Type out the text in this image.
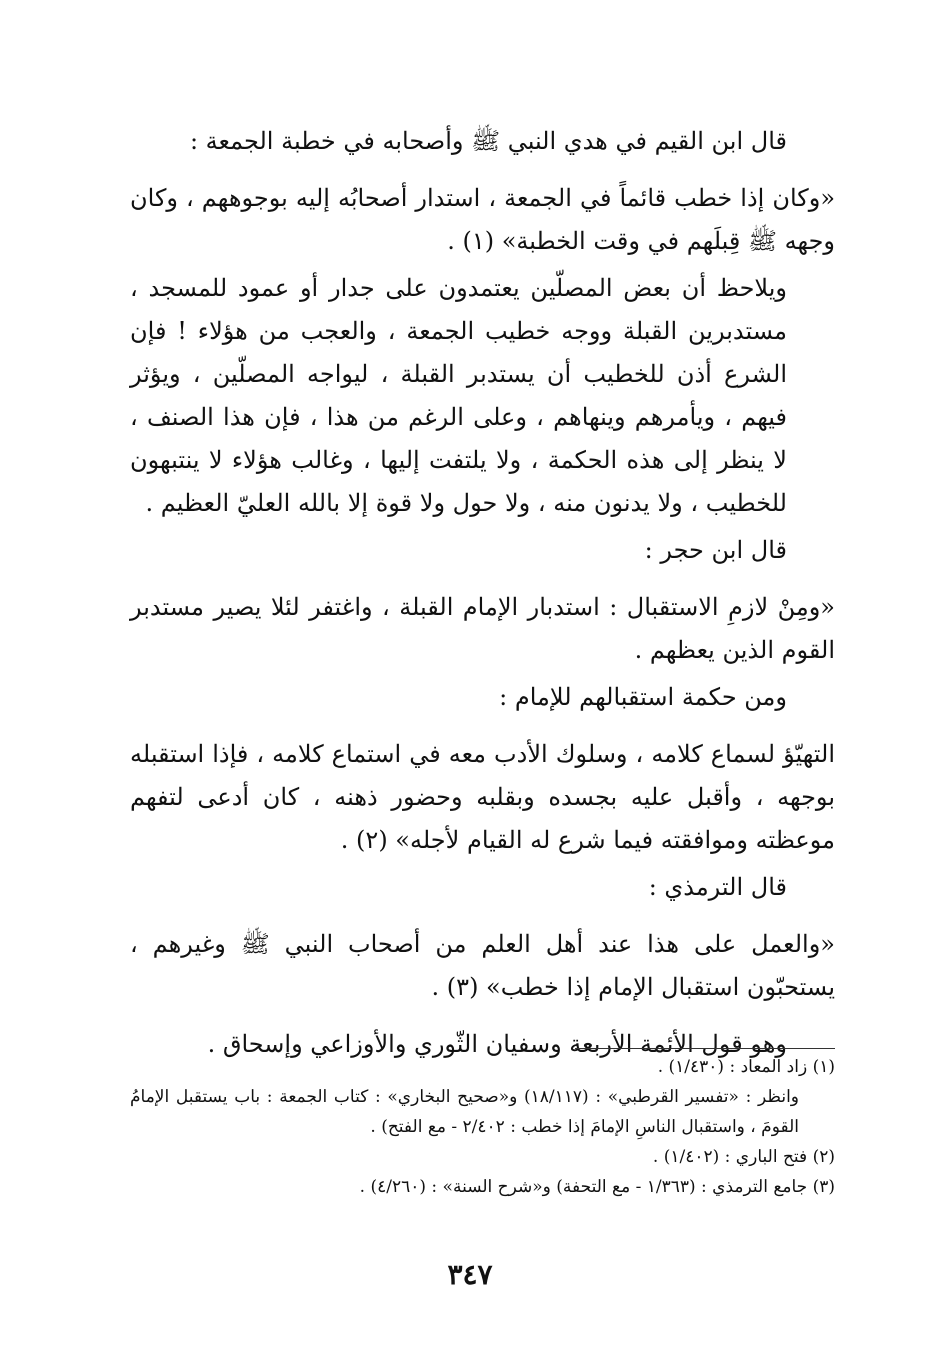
قال ابن القيم في هدي النبي ﷺ وأصحابه في خطبة الجمعة :

«وكان إذا خطب قائماً في الجمعة ، استدار أصحابُه إليه بوجوههم ، وكان وجهه ﷺ قِبلَهم في وقت الخطبة» (١) .

ويلاحظ أن بعض المصلّين يعتمدون على جدار أو عمود للمسجد ، مستدبرين القبلة ووجه خطيب الجمعة ، والعجب من هؤلاء ! فإن الشرع أذن للخطيب أن يستدبر القبلة ، ليواجه المصلّين ، ويؤثر فيهم ، ويأمرهم وينهاهم ، وعلى الرغم من هذا ، فإن هذا الصنف ، لا ينظر إلى هذه الحكمة ، ولا يلتفت إليها ، وغالب هؤلاء لا ينتبهون للخطيب ، ولا يدنون منه ، ولا حول ولا قوة إلا بالله العليّ العظيم .

قال ابن حجر :

«ومِنْ لازمِ الاستقبال : استدبار الإمام القبلة ، واغتفر لئلا يصير مستدبر القوم الذين يعظهم .

ومن حكمة استقبالهم للإمام :

التهيّؤ لسماع كلامه ، وسلوك الأدب معه في استماع كلامه ، فإذا استقبله بوجهه ، وأقبل عليه بجسده وبقلبه وحضور ذهنه ، كان أدعى لتفهم موعظته وموافقته فيما شرع له القيام لأجله» (٢) .

قال الترمذي :

«والعمل على هذا عند أهل العلم من أصحاب النبي ﷺ وغيرهم ، يستحبّون استقبال الإمام إذا خطب» (٣) .

وهو قول الأئمة الأربعة وسفيان الثّوري والأوزاعي وإسحاق .

(١) زاد المعاد : (١/٤٣٠) .

وانظر : «تفسير القرطبي» : (١٨/١١٧) و«صحيح البخاري» : كتاب الجمعة : باب يستقبل الإمامُ القومَ ، واستقبال الناسِ الإمامَ إذا خطب : ٢/٤٠٢ - مع الفتح) .

(٢) فتح الباري : (١/٤٠٢) .

(٣) جامع الترمذي : (١/٣٦٣ - مع التحفة) و«شرح السنة» : (٤/٢٦٠) .

٣٤٧
